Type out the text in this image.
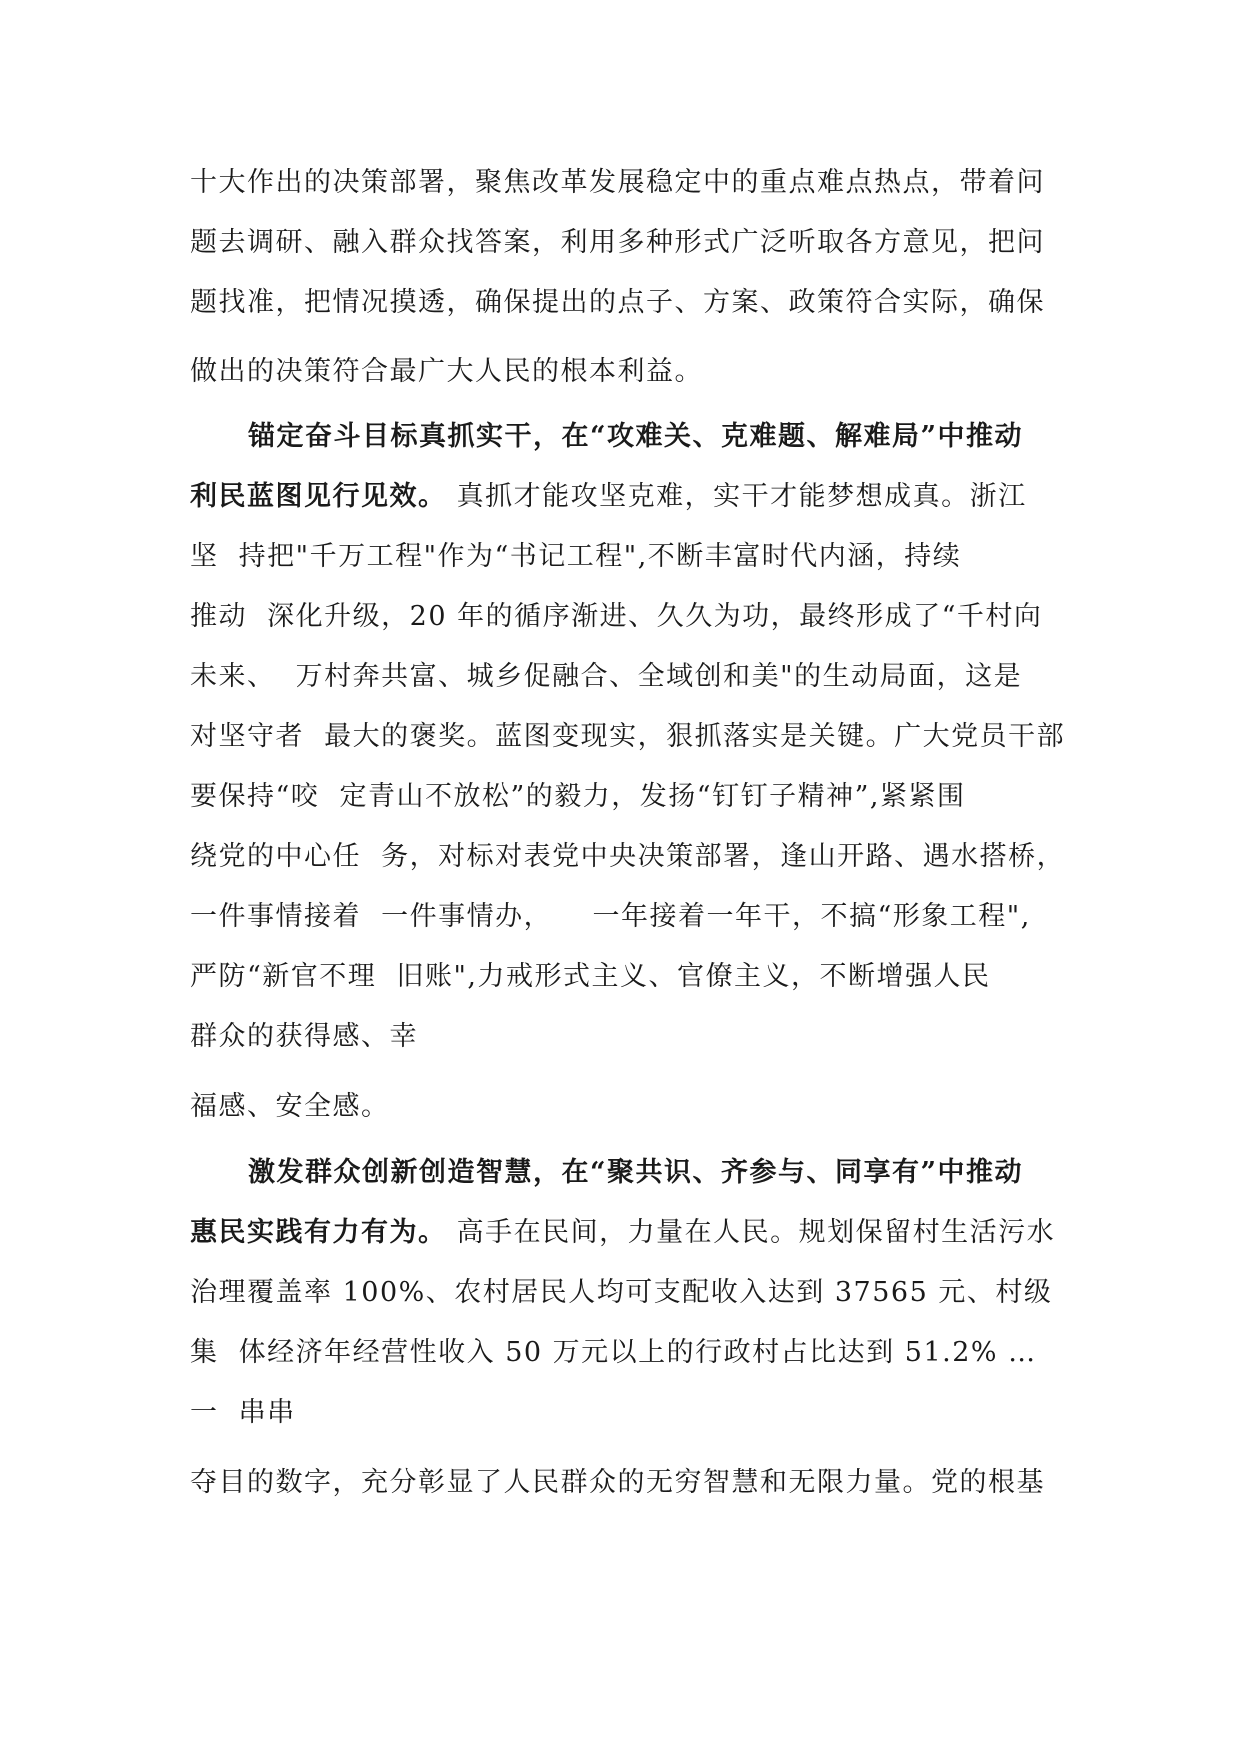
十大作出的决策部署，聚焦改革发展稳定中的重点难点热点，带着问
题去调研、融入群众找答案，利用多种形式广泛听取各方意见，把问
题找准，把情况摸透，确保提出的点子、方案、政策符合实际，确保
做出的决策符合最广大人民的根本利益。
锚定奋斗目标真抓实干，在“攻难关、克难题、解难局”中推动
利民蓝图见行见效。 真抓才能攻坚克难，实干才能梦想成真。浙江
坚  持把"千万工程"作为“书记工程",不断丰富时代内涵，持续
推动  深化升级，20 年的循序渐进、久久为功，最终形成了“千村向
未来、  万村奔共富、城乡促融合、全域创和美"的生动局面，这是
对坚守者  最大的褒奖。蓝图变现实，狠抓落实是关键。广大党员干部
要保持“咬  定青山不放松”的毅力，发扬“钉钉子精神”,紧紧围
绕党的中心任  务，对标对表党中央决策部署，逢山开路、遇水搭桥，
一件事情接着  一件事情办，    一年接着一年干，不搞“形象工程",
严防“新官不理  旧账",力戒形式主义、官僚主义，不断增强人民
群众的获得感、幸
福感、安全感。
激发群众创新创造智慧，在“聚共识、齐参与、同享有”中推动
惠民实践有力有为。 高手在民间，力量在人民。规划保留村生活污水
治理覆盖率 100%、农村居民人均可支配收入达到 37565 元、村级
集  体经济年经营性收入 50 万元以上的行政村占比达到 51.2% …
一  串串
夺目的数字，充分彰显了人民群众的无穷智慧和无限力量。党的根基
